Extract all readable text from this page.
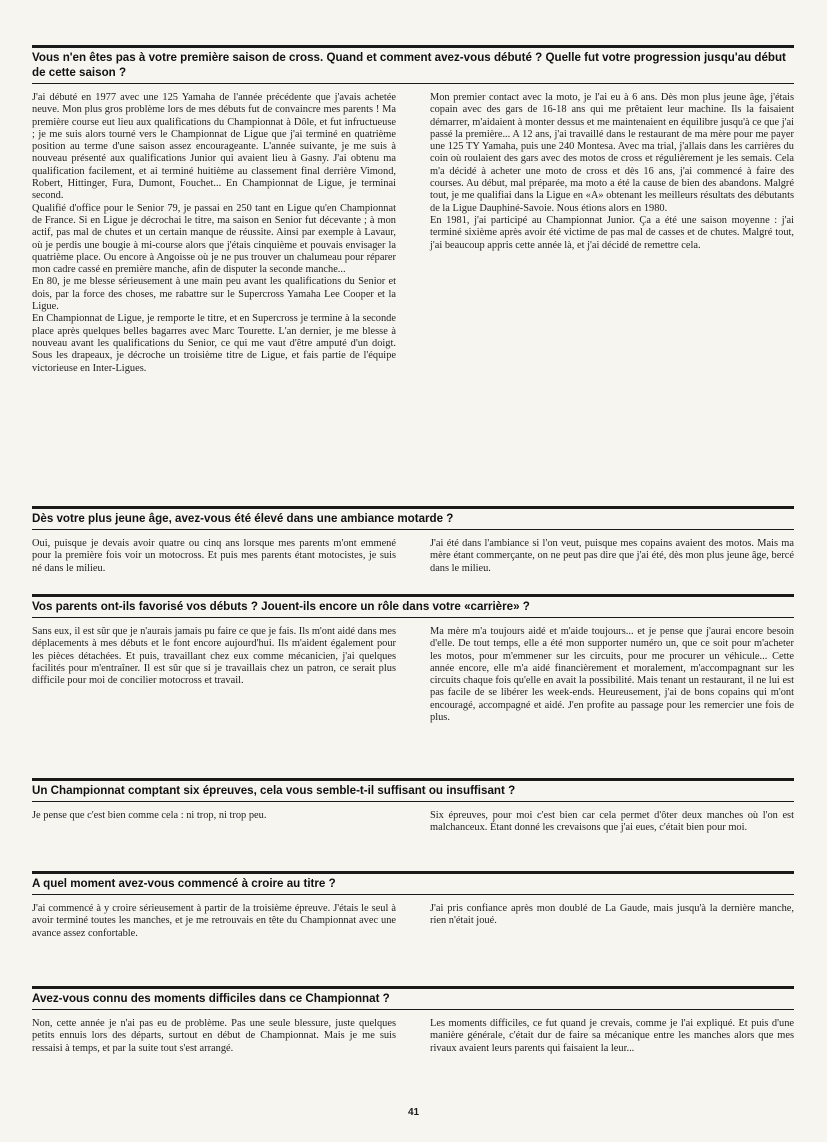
Vous n'en êtes pas à votre première saison de cross. Quand et comment avez-vous débuté ? Quelle fut votre progression jusqu'au début de cette saison ?

J'ai débuté en 1977 avec une 125 Yamaha de l'année précédente que j'avais achetée neuve. Mon plus gros problème lors de mes débuts fut de convaincre mes parents ! Ma première course eut lieu aux qualifications du Championnat à Dôle, et fut infructueuse ; je me suis alors tourné vers le Championnat de Ligue que j'ai terminé en quatrième position au terme d'une saison assez encourageante. L'année suivante, je me suis à nouveau présenté aux qualifications Junior qui avaient lieu à Gasny. J'ai obtenu ma qualification facilement, et ai terminé huitième au classement final derrière Vimond, Robert, Hittinger, Fura, Dumont, Fouchet... En Championnat de Ligue, je terminai second.

Qualifié d'office pour le Senior 79, je passai en 250 tant en Ligue qu'en Championnat de France. Si en Ligue je décrochai le titre, ma saison en Senior fut décevante ; à mon actif, pas mal de chutes et un certain manque de réussite. Ainsi par exemple à Lavaur, où je perdis une bougie à mi-course alors que j'étais cinquième et pouvais envisager la quatrième place. Ou encore à Angoisse où je ne pus trouver un chalumeau pour réparer mon cadre cassé en première manche, afin de disputer la seconde manche...

En 80, je me blesse sérieusement à une main peu avant les qualifications du Senior et dois, par la force des choses, me rabattre sur le Supercross Yamaha Lee Cooper et la Ligue.

En Championnat de Ligue, je remporte le titre, et en Supercross je termine à la seconde place après quelques belles bagarres avec Marc Tourette. L'an dernier, je me blesse à nouveau avant les qualifications du Senior, ce qui me vaut d'être amputé d'un doigt. Sous les drapeaux, je décroche un troisième titre de Ligue, et fais partie de l'équipe victorieuse en Inter-Ligues.

Mon premier contact avec la moto, je l'ai eu à 6 ans. Dès mon plus jeune âge, j'étais copain avec des gars de 16-18 ans qui me prêtaient leur machine. Ils la faisaient démarrer, m'aidaient à monter dessus et me maintenaient en équilibre jusqu'à ce que j'ai passé la première... A 12 ans, j'ai travaillé dans le restaurant de ma mère pour me payer une 125 TY Yamaha, puis une 240 Montesa. Avec ma trial, j'allais dans les carrières du coin où roulaient des gars avec des motos de cross et régulièrement je les semais. Cela m'a décidé à acheter une moto de cross et dès 16 ans, j'ai commencé à faire des courses. Au début, mal préparée, ma moto a été la cause de bien des abandons. Malgré tout, je me qualifiai dans la Ligue en «A» obtenant les meilleurs résultats des débutants de la Ligue Dauphiné-Savoie. Nous étions alors en 1980.

En 1981, j'ai participé au Championnat Junior. Ça a été une saison moyenne : j'ai terminé sixième après avoir été victime de pas mal de casses et de chutes. Malgré tout, j'ai beaucoup appris cette année là, et j'ai décidé de remettre cela.

Dès votre plus jeune âge, avez-vous été élevé dans une ambiance motarde ?

Oui, puisque je devais avoir quatre ou cinq ans lorsque mes parents m'ont emmené pour la première fois voir un motocross. Et puis mes parents étant motocistes, je suis né dans le milieu.

J'ai été dans l'ambiance si l'on veut, puisque mes copains avaient des motos. Mais ma mère étant commerçante, on ne peut pas dire que j'ai été, dès mon plus jeune âge, bercé dans le milieu.

Vos parents ont-ils favorisé vos débuts ? Jouent-ils encore un rôle dans votre «carrière» ?

Sans eux, il est sûr que je n'aurais jamais pu faire ce que je fais. Ils m'ont aidé dans mes déplacements à mes débuts et le font encore aujourd'hui. Ils m'aident également pour les pièces détachées. Et puis, travaillant chez eux comme mécanicien, j'ai quelques facilités pour m'entraîner. Il est sûr que si je travaillais chez un patron, ce serait plus difficile pour moi de concilier motocross et travail.

Ma mère m'a toujours aidé et m'aide toujours... et je pense que j'aurai encore besoin d'elle. De tout temps, elle a été mon supporter numéro un, que ce soit pour m'acheter les motos, pour m'emmener sur les circuits, pour me procurer un véhicule... Cette année encore, elle m'a aidé financièrement et moralement, m'accompagnant sur les circuits chaque fois qu'elle en avait la possibilité. Mais tenant un restaurant, il ne lui est pas facile de se libérer les week-ends. Heureusement, j'ai de bons copains qui m'ont encouragé, accompagné et aidé. J'en profite au passage pour les remercier une fois de plus.

Un Championnat comptant six épreuves, cela vous semble-t-il suffisant ou insuffisant ?

Je pense que c'est bien comme cela : ni trop, ni trop peu.	Six épreuves, pour moi c'est bien car cela permet d'ôter deux manches où l'on est malchanceux. Étant donné les crevaisons que j'ai eues, c'était bien pour moi.

A quel moment avez-vous commencé à croire au titre ?

J'ai commencé à y croire sérieusement à partir de la troisième épreuve. J'étais le seul à avoir terminé toutes les manches, et je me retrouvais en tête du Championnat avec une avance assez confortable.

J'ai pris confiance après mon doublé de La Gaude, mais jusqu'à la dernière manche, rien n'était joué.

Avez-vous connu des moments difficiles dans ce Championnat ?

Non, cette année je n'ai pas eu de problème. Pas une seule blessure, juste quelques petits ennuis lors des départs, surtout en début de Championnat. Mais je me suis ressaisi à temps, et par la suite tout s'est arrangé.

Les moments difficiles, ce fut quand je crevais, comme je l'ai expliqué. Et puis d'une manière générale, c'était dur de faire sa mécanique entre les manches alors que mes rivaux avaient leurs parents qui faisaient la leur...

41
